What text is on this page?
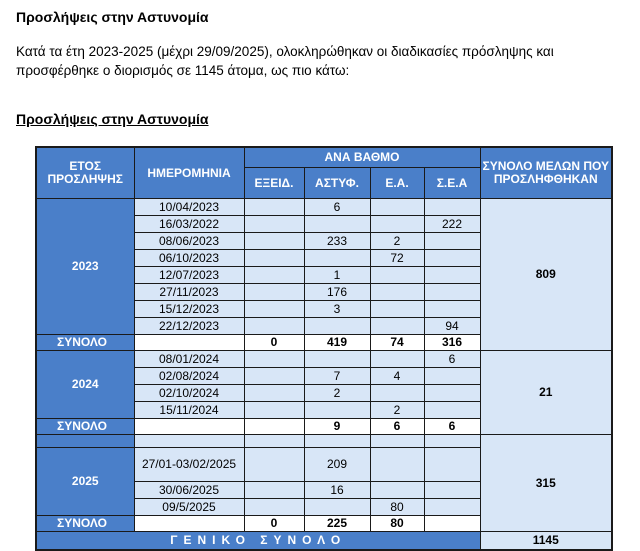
Προσλήψεις στην Αστυνομία

Κατά τα έτη 2023-2025 (μέχρι 29/09/2025), ολοκληρώθηκαν οι διαδικασίες πρόσληψης και προσφέρθηκε ο διορισμός σε 1145 άτομα, ως πιο κάτω:

Προσλήψεις στην Αστυνομία
ΕΤΟΣ ΠΡΟΣΛΗΨΗΣ	ΗΜΕΡΟΜΗΝΙΑ	ΑΝΑ ΒΑΘΜΟ				ΣΥΝΟΛΟ ΜΕΛΩΝ ΠΟΥ ΠΡΟΣΛΗΦΘΗΚΑΝ
		ΕΞΕΙΔ.	ΑΣΤΥΦ.	Ε.Α.	Σ.Ε.Α	
2023	10/04/2023		6			809
	16/03/2022				222	
	08/06/2023		233	2		
	06/10/2023			72		
	12/07/2023		1			
	27/11/2023		176			
	15/12/2023		3			
	22/12/2023				94	
ΣΥΝΟΛΟ		0	419	74	316	
2024	08/01/2024				6	21
	02/08/2024		7	4		
	02/10/2024		2			
	15/11/2024			2		
ΣΥΝΟΛΟ			9	6	6	
						315
2025	27/01-03/02/2025		209			
	30/06/2025		16			
	09/5/2025			80		
ΣΥΝΟΛΟ		0	225	80		
ΓΕΝΙΚΟ ΣΥΝΟΛΟ						1145
